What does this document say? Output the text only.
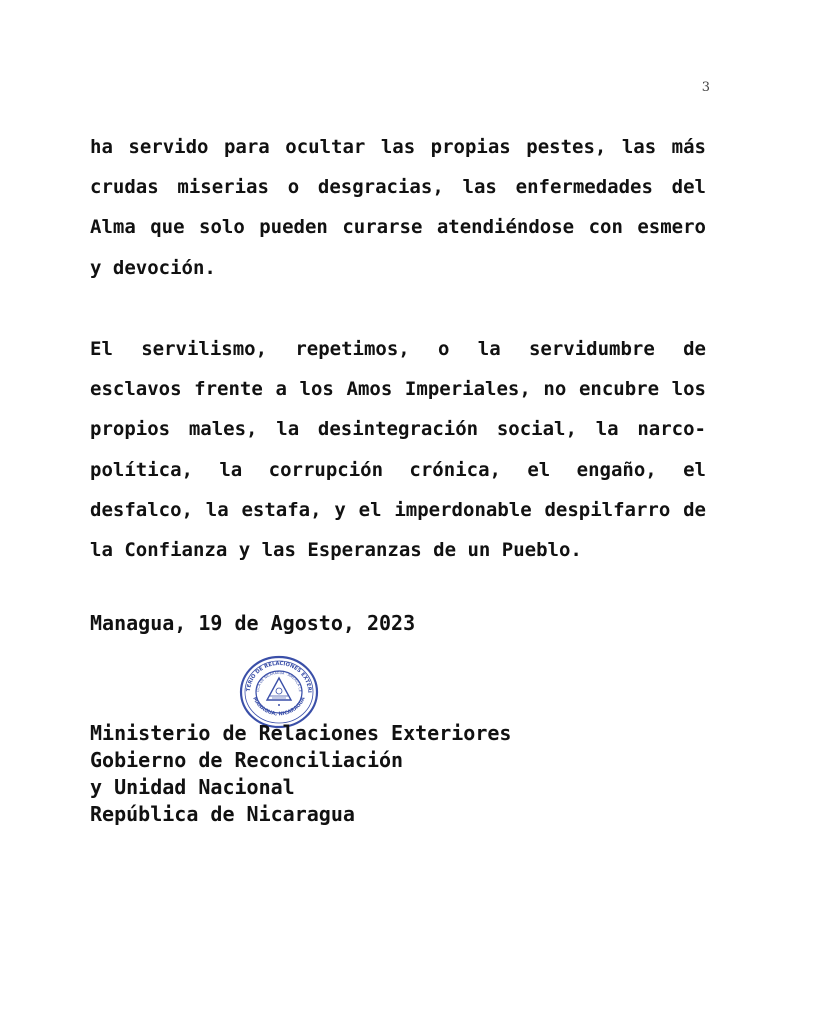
3

ha servido para ocultar las propias pestes, las más crudas miserias o desgracias, las enfermedades del Alma que solo pueden curarse atendiéndose con esmero y devoción.

El servilismo, repetimos, o la servidumbre de esclavos frente a los Amos Imperiales, no encubre los propios males, la desintegración social, la narco-política, la corrupción crónica, el engaño, el desfalco, la estafa, y el imperdonable despilfarro de la Confianza y las Esperanzas de un Pueblo.

Managua, 19 de Agosto, 2023

TERIO DE RELACIONES EXTERI
MANAGUA, NICARAGUA
LICA DE NICARAGUA · AMÉRICA CE
Ministerio de Relaciones Exteriores
Gobierno de Reconciliación
y Unidad Nacional
República de Nicaragua
